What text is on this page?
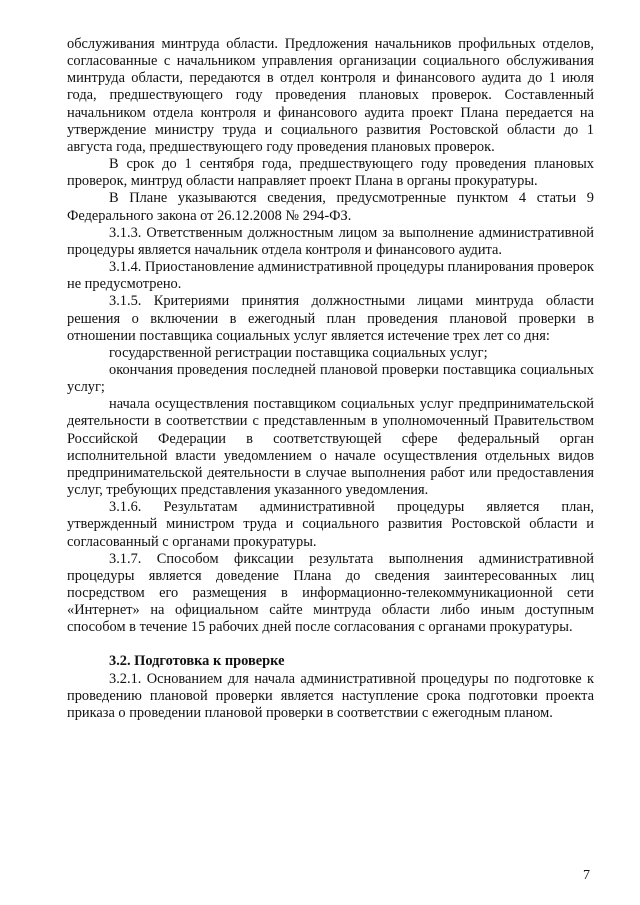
обслуживания минтруда области. Предложения начальников профильных отделов, согласованные с начальником управления организации социального обслуживания минтруда области, передаются в отдел контроля и финансового аудита до 1 июля года, предшествующего году проведения плановых проверок. Составленный начальником отдела контроля и финансового аудита проект Плана передается на утверждение министру труда и социального развития Ростовской области до 1 августа года, предшествующего году проведения плановых проверок.

В срок до 1 сентября года, предшествующего году проведения плановых проверок, минтруд области направляет проект Плана в органы прокуратуры.

В Плане указываются сведения, предусмотренные пунктом 4 статьи 9 Федерального закона от 26.12.2008 № 294-ФЗ.

3.1.3. Ответственным должностным лицом за выполнение административной процедуры является начальник отдела контроля и финансового аудита.

3.1.4. Приостановление административной процедуры планирования проверок не предусмотрено.

3.1.5. Критериями принятия должностными лицами минтруда области решения о включении в ежегодный план проведения плановой проверки в отношении поставщика социальных услуг является истечение трех лет со дня:

государственной регистрации поставщика социальных услуг;

окончания проведения последней плановой проверки поставщика социальных услуг;

начала осуществления поставщиком социальных услуг предпринимательской деятельности в соответствии с представленным в уполномоченный Правительством Российской Федерации в соответствующей сфере федеральный орган исполнительной власти уведомлением о начале осуществления отдельных видов предпринимательской деятельности в случае выполнения работ или предоставления услуг, требующих представления указанного уведомления.

3.1.6. Результатам административной процедуры является план, утвержденный министром труда и социального развития Ростовской области и согласованный с органами прокуратуры.

3.1.7. Способом фиксации результата выполнения административной процедуры является доведение Плана до сведения заинтересованных лиц посредством его размещения в информационно-телекоммуникационной сети «Интернет» на официальном сайте минтруда области либо иным доступным способом в течение 15 рабочих дней после согласования с органами прокуратуры.

3.2. Подготовка к проверке

3.2.1. Основанием для начала административной процедуры по подготовке к проведению плановой проверки является наступление срока подготовки проекта приказа о проведении плановой проверки в соответствии с ежегодным планом.

7
